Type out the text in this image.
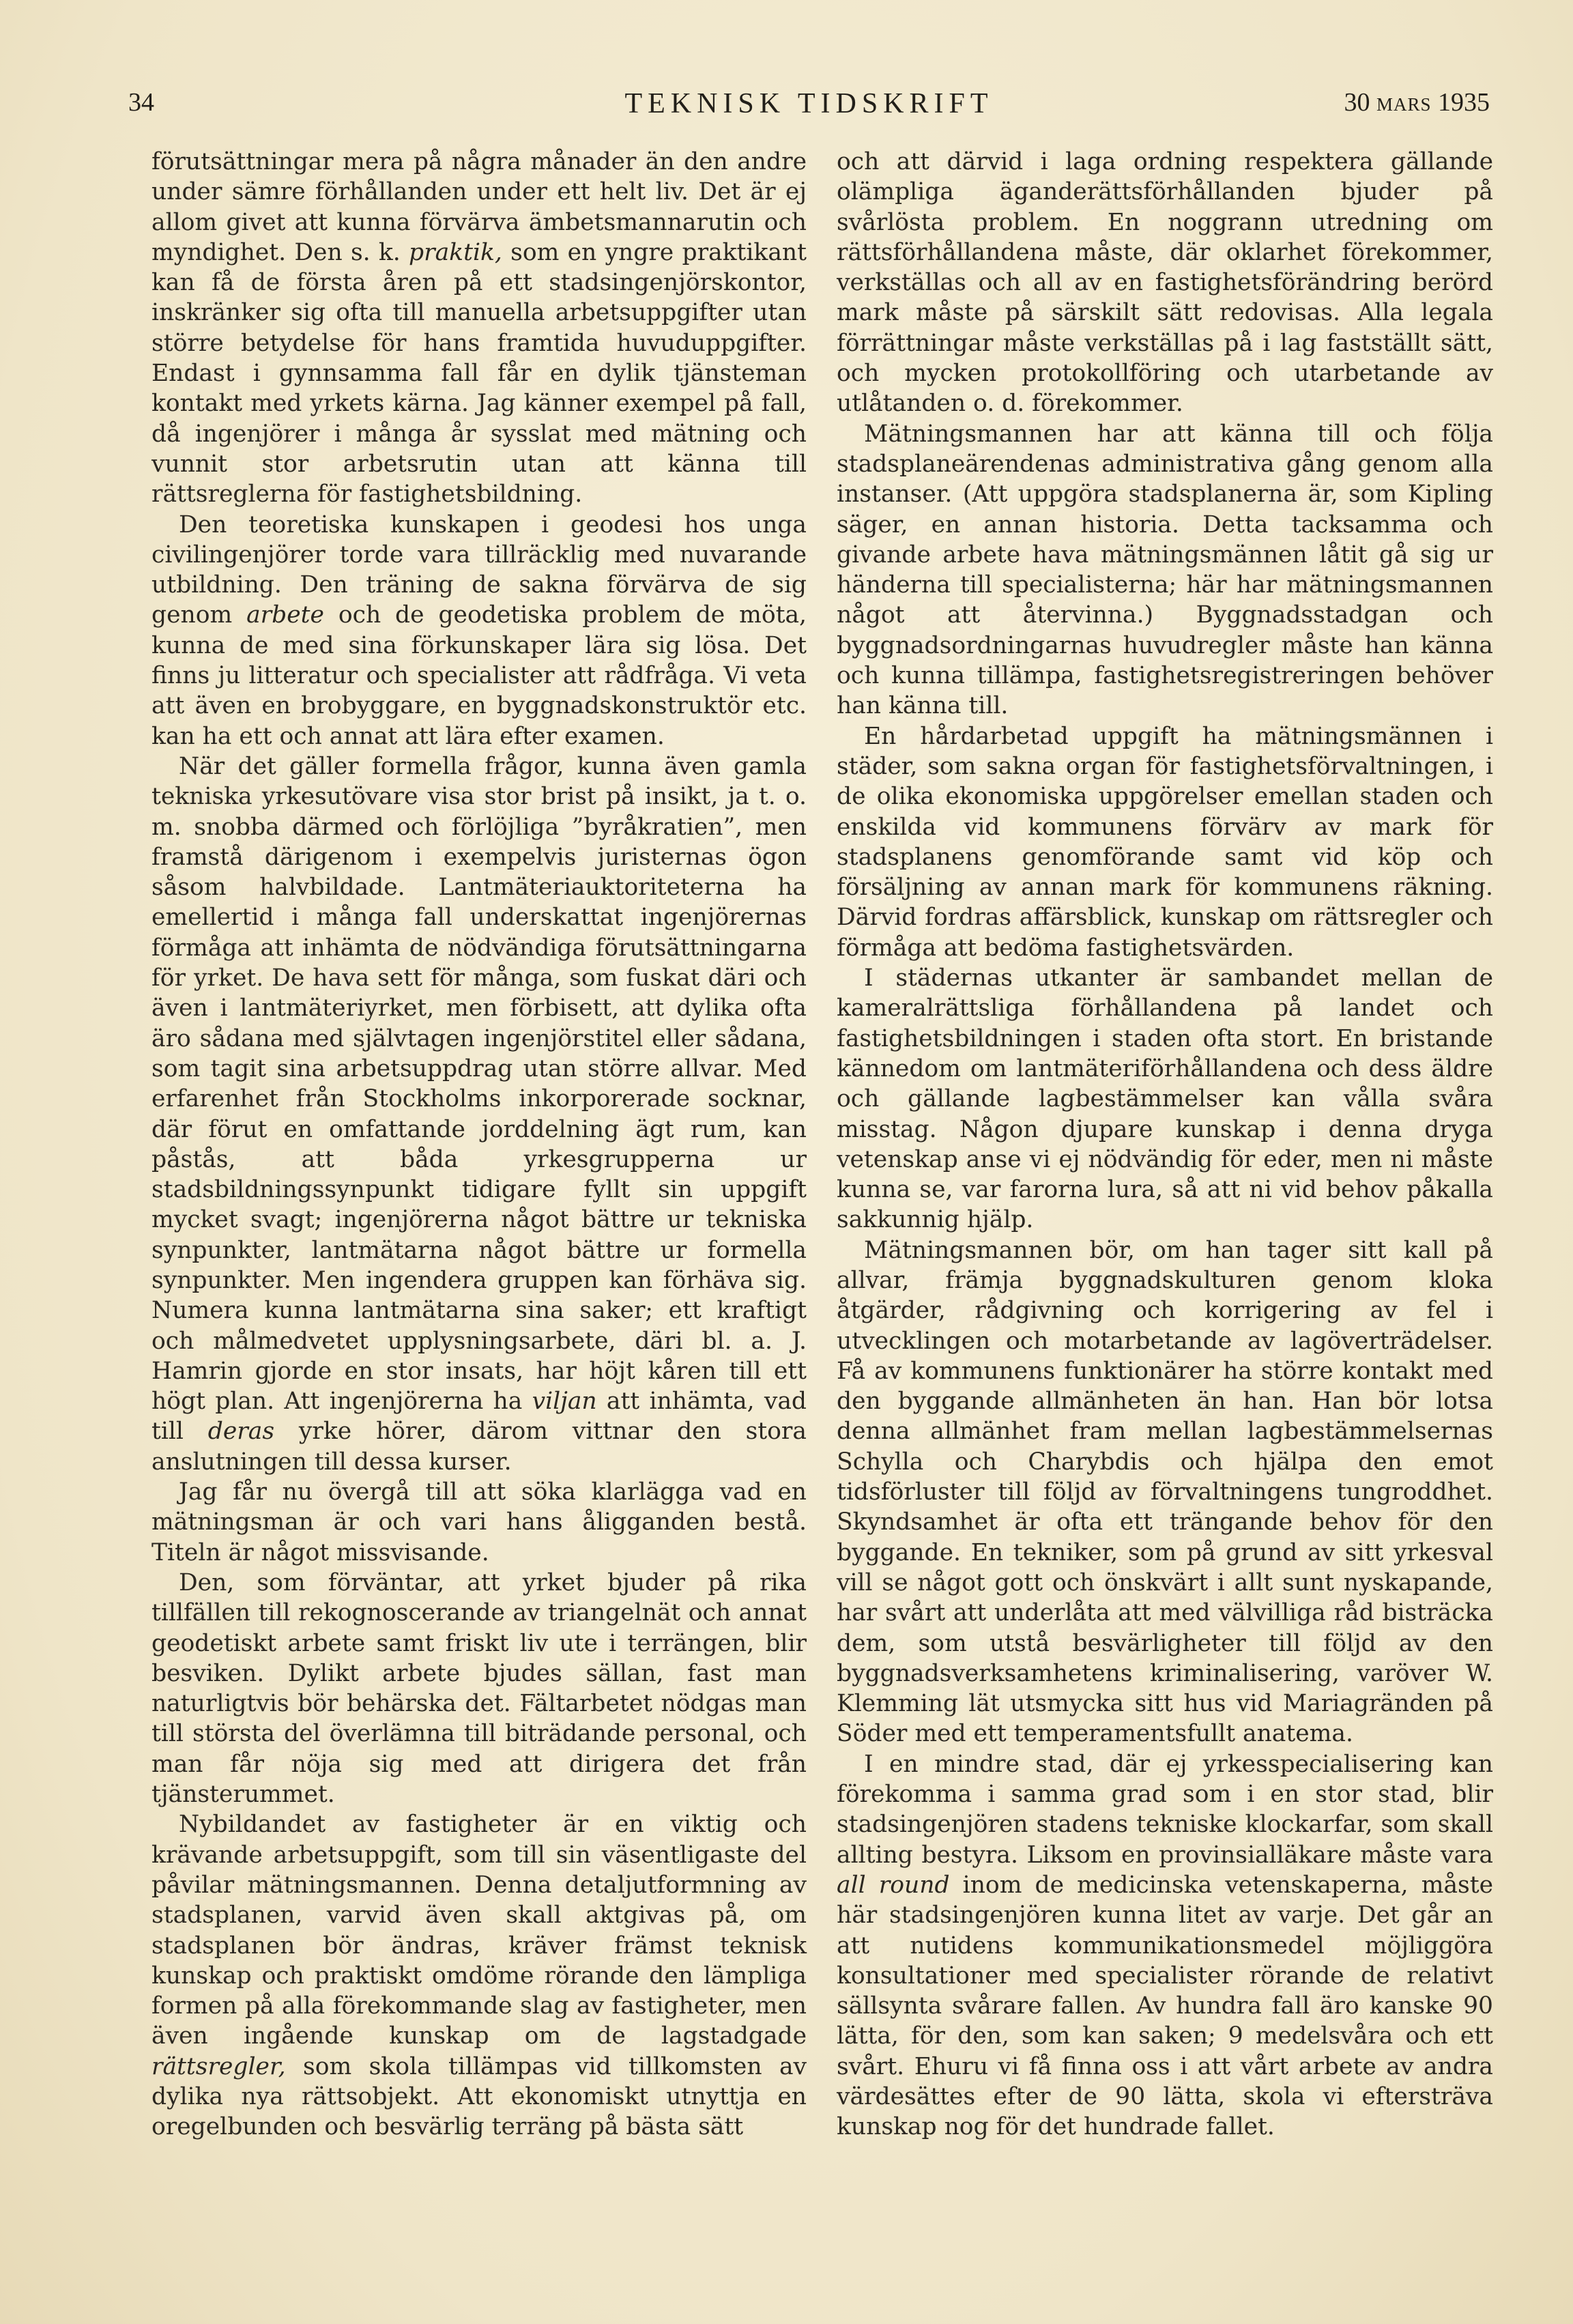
34	TEKNISK TIDSKRIFT	30 mars 1935

förutsättningar mera på några månader än den andre under sämre förhållanden under ett helt liv. Det är ej allom givet att kunna förvärva ämbetsmannarutin och myndighet. Den s. k. praktik, som en yngre praktikant kan få de första åren på ett stadsingenjörskontor, inskränker sig ofta till manuella arbetsuppgifter utan större betydelse för hans framtida huvuduppgifter. Endast i gynnsamma fall får en dylik tjänsteman kontakt med yrkets kärna. Jag känner exempel på fall, då ingenjörer i många år sysslat med mätning och vunnit stor arbetsrutin utan att känna till rättsreglerna för fastighetsbildning.

Den teoretiska kunskapen i geodesi hos unga civilingenjörer torde vara tillräcklig med nuvarande utbildning. Den träning de sakna förvärva de sig genom arbete och de geodetiska problem de möta, kunna de med sina förkunskaper lära sig lösa. Det finns ju litteratur och specialister att rådfråga. Vi veta att även en brobyggare, en byggnadskonstruktör etc. kan ha ett och annat att lära efter examen.

När det gäller formella frågor, kunna även gamla tekniska yrkesutövare visa stor brist på insikt, ja t. o. m. snobba därmed och förlöjliga ”byråkratien”, men framstå därigenom i exempelvis juristernas ögon såsom halvbildade. Lantmäteriauktoriteterna ha emellertid i många fall underskattat ingenjörernas förmåga att inhämta de nödvändiga förutsättningarna för yrket. De hava sett för många, som fuskat däri och även i lantmäteriyrket, men förbisett, att dylika ofta äro sådana med självtagen ingenjörstitel eller sådana, som tagit sina arbetsuppdrag utan större allvar. Med erfarenhet från Stockholms inkorporerade socknar, där förut en omfattande jorddelning ägt rum, kan påstås, att båda yrkesgrupperna ur stadsbildningssynpunkt tidigare fyllt sin uppgift mycket svagt; ingenjörerna något bättre ur tekniska synpunkter, lantmätarna något bättre ur formella synpunkter. Men ingendera gruppen kan förhäva sig. Numera kunna lantmätarna sina saker; ett kraftigt och målmedvetet upplysningsarbete, däri bl. a. J. Hamrin gjorde en stor insats, har höjt kåren till ett högt plan. Att ingenjörerna ha viljan att inhämta, vad till deras yrke hörer, därom vittnar den stora anslutningen till dessa kurser.

Jag får nu övergå till att söka klarlägga vad en mätningsman är och vari hans åligganden bestå. Titeln är något missvisande.

Den, som förväntar, att yrket bjuder på rika tillfällen till rekognoscerande av triangelnät och annat geodetiskt arbete samt friskt liv ute i terrängen, blir besviken. Dylikt arbete bjudes sällan, fast man naturligtvis bör behärska det. Fältarbetet nödgas man till största del överlämna till biträdande personal, och man får nöja sig med att dirigera det från tjänsterummet.

Nybildandet av fastigheter är en viktig och krävande arbetsuppgift, som till sin väsentligaste del påvilar mätningsmannen. Denna detaljutformning av stadsplanen, varvid även skall aktgivas på, om stadsplanen bör ändras, kräver främst teknisk kunskap och praktiskt omdöme rörande den lämpliga formen på alla förekommande slag av fastigheter, men även ingående kunskap om de lagstadgade rättsregler, som skola tillämpas vid tillkomsten av dylika nya rättsobjekt. Att ekonomiskt utnyttja en oregelbunden och besvärlig terräng på bästa sätt

och att därvid i laga ordning respektera gällande olämpliga äganderättsförhållanden bjuder på svårlösta problem. En noggrann utredning om rättsförhållandena måste, där oklarhet förekommer, verkställas och all av en fastighetsförändring berörd mark måste på särskilt sätt redovisas. Alla legala förrättningar måste verkställas på i lag fastställt sätt, och mycken protokollföring och utarbetande av utlåtanden o. d. förekommer.

Mätningsmannen har att känna till och följa stadsplaneärendenas administrativa gång genom alla instanser. (Att uppgöra stadsplanerna är, som Kipling säger, en annan historia. Detta tacksamma och givande arbete hava mätningsmännen låtit gå sig ur händerna till specialisterna; här har mätningsmannen något att återvinna.) Byggnadsstadgan och byggnadsordningarnas huvudregler måste han känna och kunna tillämpa, fastighetsregistreringen behöver han känna till.

En hårdarbetad uppgift ha mätningsmännen i städer, som sakna organ för fastighetsförvaltningen, i de olika ekonomiska uppgörelser emellan staden och enskilda vid kommunens förvärv av mark för stadsplanens genomförande samt vid köp och försäljning av annan mark för kommunens räkning. Därvid fordras affärsblick, kunskap om rättsregler och förmåga att bedöma fastighetsvärden.

I städernas utkanter är sambandet mellan de kameralrättsliga förhållandena på landet och fastighetsbildningen i staden ofta stort. En bristande kännedom om lantmäteriförhållandena och dess äldre och gällande lagbestämmelser kan vålla svåra misstag. Någon djupare kunskap i denna dryga vetenskap anse vi ej nödvändig för eder, men ni måste kunna se, var farorna lura, så att ni vid behov påkalla sakkunnig hjälp.

Mätningsmannen bör, om han tager sitt kall på allvar, främja byggnadskulturen genom kloka åtgärder, rådgivning och korrigering av fel i utvecklingen och motarbetande av lagöverträdelser. Få av kommunens funktionärer ha större kontakt med den byggande allmänheten än han. Han bör lotsa denna allmänhet fram mellan lagbestämmelsernas Schylla och Charybdis och hjälpa den emot tidsförluster till följd av förvaltningens tungroddhet. Skyndsamhet är ofta ett trängande behov för den byggande. En tekniker, som på grund av sitt yrkesval vill se något gott och önskvärt i allt sunt nyskapande, har svårt att underlåta att med välvilliga råd bisträcka dem, som utstå besvärligheter till följd av den byggnadsverksamhetens kriminalisering, varöver W. Klemming lät utsmycka sitt hus vid Mariagränden på Söder med ett temperamentsfullt anatema.

I en mindre stad, där ej yrkesspecialisering kan förekomma i samma grad som i en stor stad, blir stadsingenjören stadens tekniske klockarfar, som skall allting bestyra. Liksom en provinsialläkare måste vara all round inom de medicinska vetenskaperna, måste här stadsingenjören kunna litet av varje. Det går an att nutidens kommunikationsmedel möjliggöra konsultationer med specialister rörande de relativt sällsynta svårare fallen. Av hundra fall äro kanske 90 lätta, för den, som kan saken; 9 medelsvåra och ett svårt. Ehuru vi få finna oss i att vårt arbete av andra värdesättes efter de 90 lätta, skola vi eftersträva kunskap nog för det hundrade fallet.
